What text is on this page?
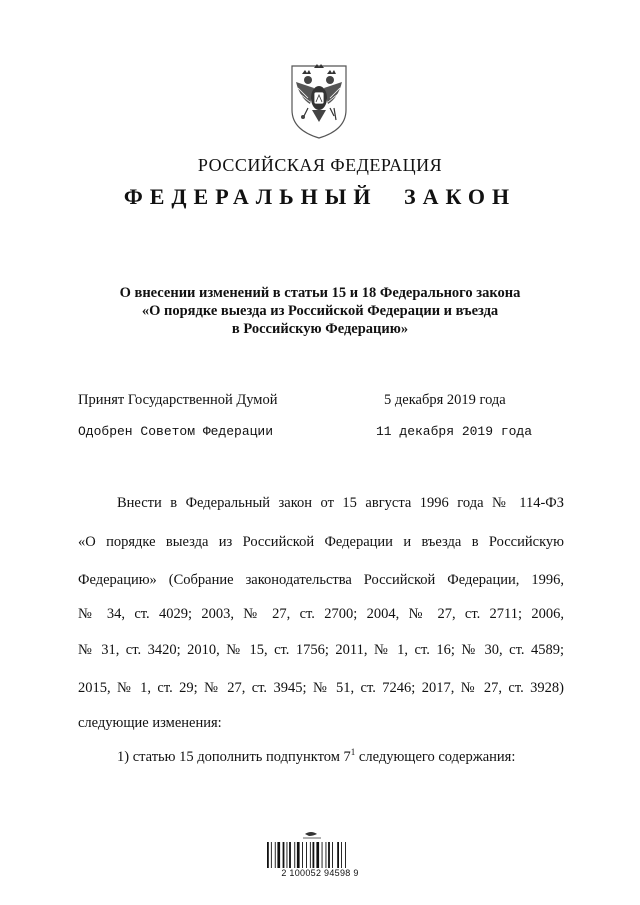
РОССИЙСКАЯ ФЕДЕРАЦИЯ
ФЕДЕРАЛЬНЫЙ ЗАКОН
О внесении изменений в статьи 15 и 18 Федерального закона
«О порядке выезда из Российской Федерации и въезда
в Российскую Федерацию»
Принят Государственной Думой	5 декабря 2019 года
Одобрен Советом Федерации	11 декабря 2019 года
Внести в Федеральный закон от 15 августа 1996 года № 114-ФЗ
«О порядке выезда из Российской Федерации и въезда в Российскую
Федерацию» (Собрание законодательства Российской Федерации, 1996,
№ 34, ст. 4029; 2003, № 27, ст. 2700; 2004, № 27, ст. 2711; 2006,
№ 31, ст. 3420; 2010, № 15, ст. 1756; 2011, № 1, ст. 16; № 30, ст. 4589;
2015, № 1, ст. 29; № 27, ст. 3945; № 51, ст. 7246; 2017, № 27, ст. 3928)
следующие изменения:
1) статью 15 дополнить подпунктом $7^1$ следующего содержания:
2 100052 94598 9
